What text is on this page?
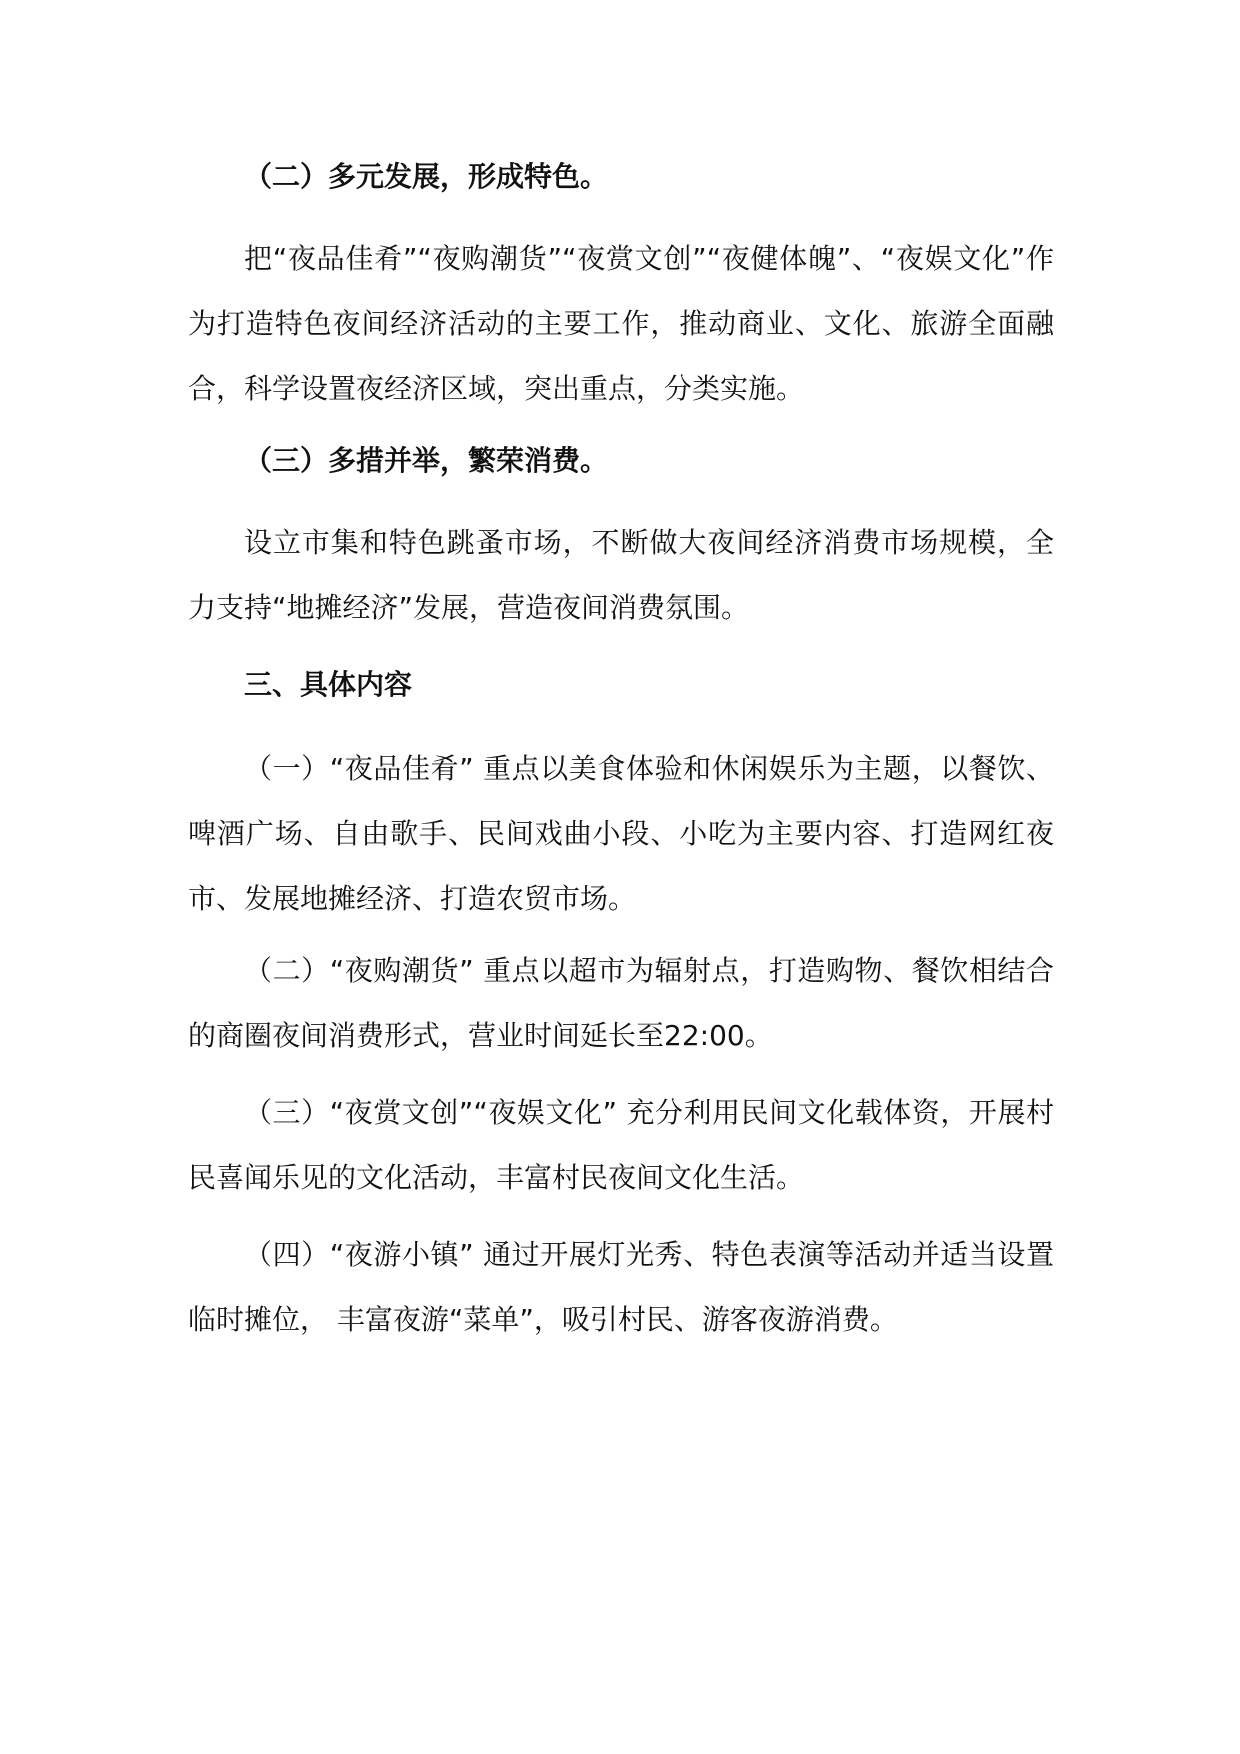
（二）多元发展，形成特色。

把“夜品佳肴”“夜购潮货”“夜赏文创”“夜健体魄”、“夜娱文化”作为打造特色夜间经济活动的主要工作，推动商业、文化、旅游全面融合，科学设置夜经济区域，突出重点，分类实施。

（三）多措并举，繁荣消费。

设立市集和特色跳蚤市场，不断做大夜间经济消费市场规模，全力支持“地摊经济”发展，营造夜间消费氛围。

三、具体内容

（一）“夜品佳肴” 重点以美食体验和休闲娱乐为主题，以餐饮、啤酒广场、自由歌手、民间戏曲小段、小吃为主要内容、打造网红夜市、发展地摊经济、打造农贸市场。

（二）“夜购潮货” 重点以超市为辐射点，打造购物、餐饮相结合的商圈夜间消费形式，营业时间延长至22:00。

（三）“夜赏文创”“夜娱文化” 充分利用民间文化载体资，开展村民喜闻乐见的文化活动，丰富村民夜间文化生活。

（四）“夜游小镇” 通过开展灯光秀、特色表演等活动并适当设置临时摊位， 丰富夜游“菜单”，吸引村民、游客夜游消费。
